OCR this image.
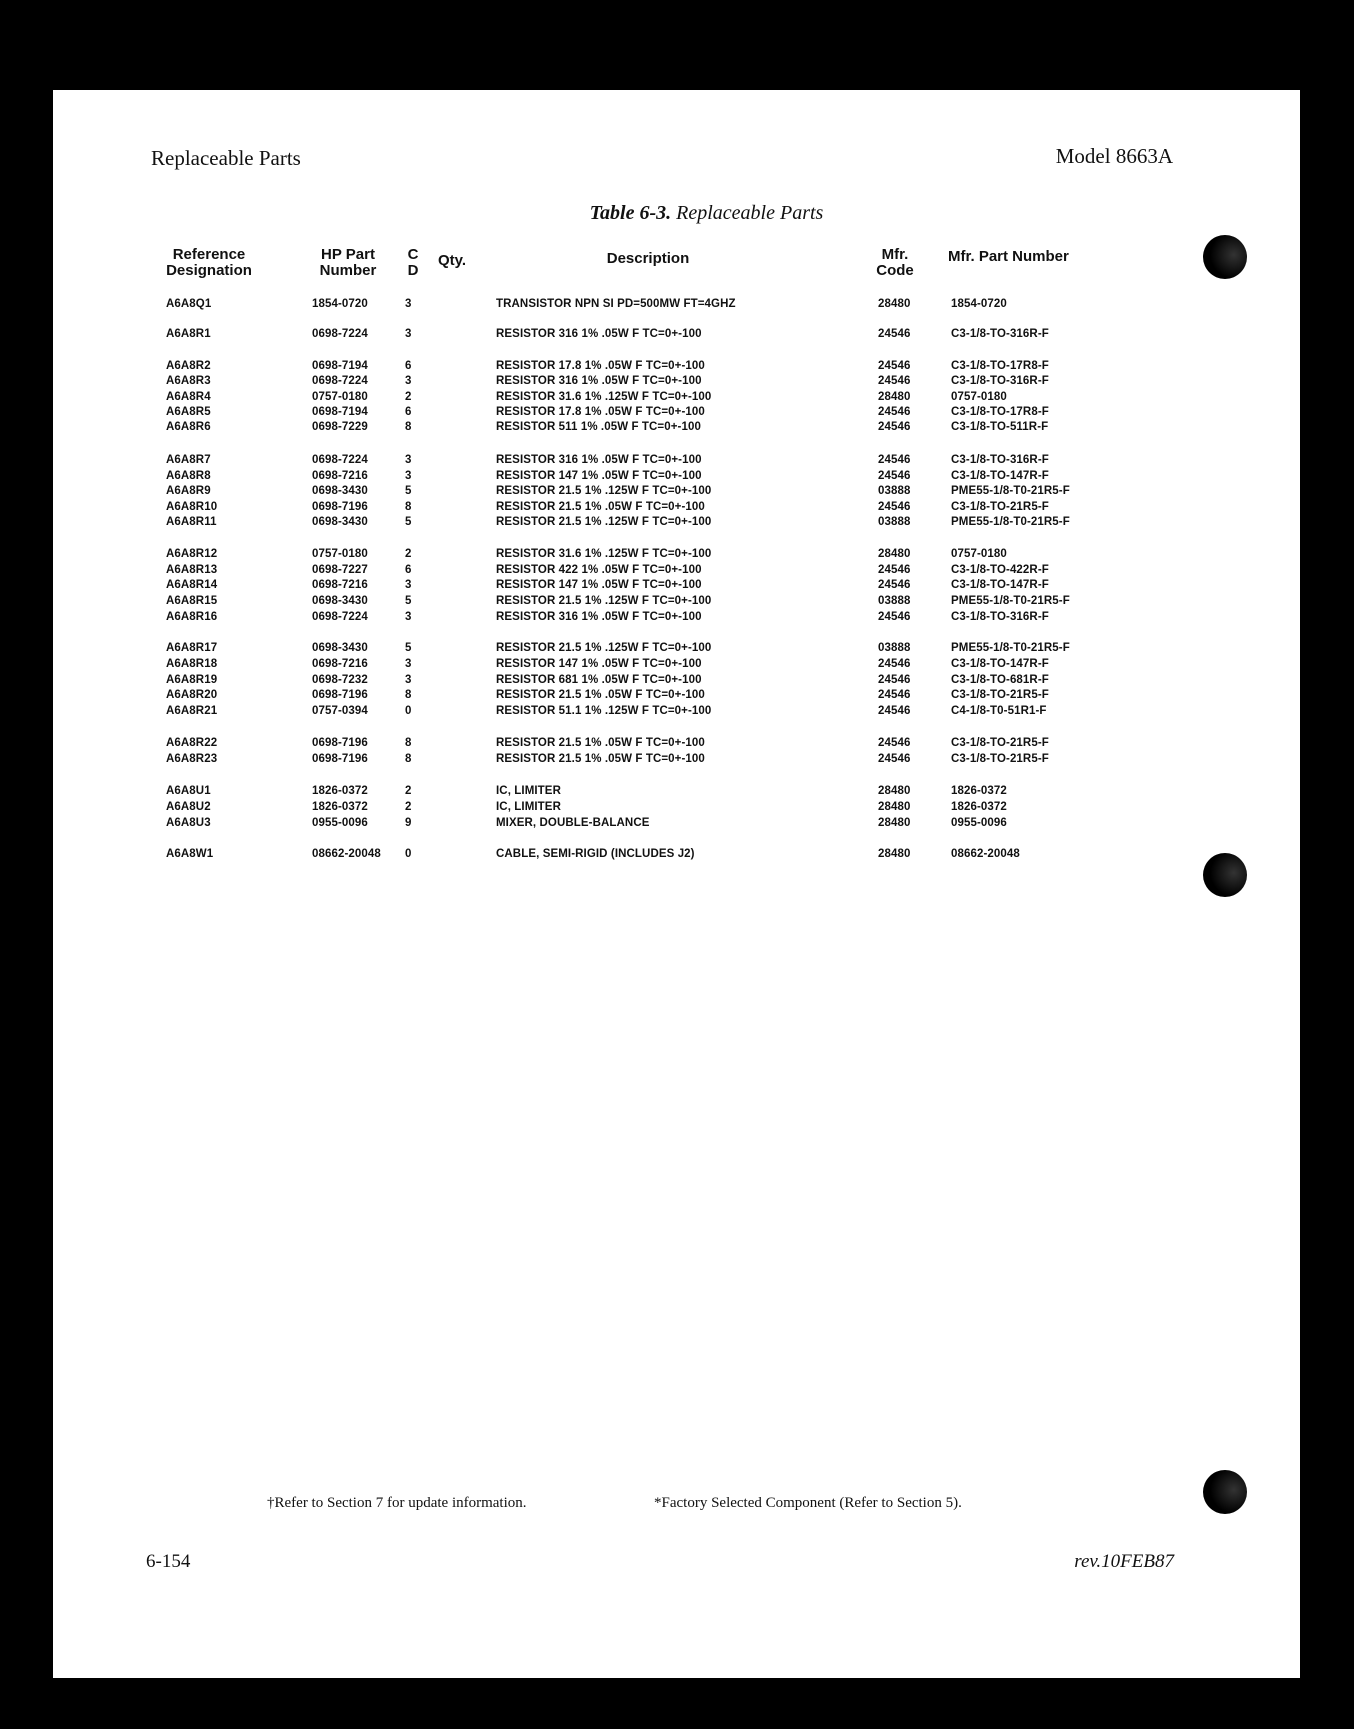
Replaceable Parts	Model 8663A
Table 6-3. Replaceable Parts
Reference
Designation
HP Part
Number
C
D
Qty.	Description	Mfr.
Code
Mfr. Part Number
A6A8Q1	1854-0720	3	TRANSISTOR NPN SI PD=500MW FT=4GHZ	28480	1854-0720
A6A8R1	0698-7224	3	RESISTOR 316 1% .05W F TC=0+-100	24546	C3-1/8-TO-316R-F
A6A8R2	0698-7194	6	RESISTOR 17.8 1% .05W F TC=0+-100	24546	C3-1/8-TO-17R8-F
A6A8R3	0698-7224	3	RESISTOR 316 1% .05W F TC=0+-100	24546	C3-1/8-TO-316R-F
A6A8R4	0757-0180	2	RESISTOR 31.6 1% .125W F TC=0+-100	28480	0757-0180
A6A8R5	0698-7194	6	RESISTOR 17.8 1% .05W F TC=0+-100	24546	C3-1/8-TO-17R8-F
A6A8R6	0698-7229	8	RESISTOR 511 1% .05W F TC=0+-100	24546	C3-1/8-TO-511R-F
A6A8R7	0698-7224	3	RESISTOR 316 1% .05W F TC=0+-100	24546	C3-1/8-TO-316R-F
A6A8R8	0698-7216	3	RESISTOR 147 1% .05W F TC=0+-100	24546	C3-1/8-TO-147R-F
A6A8R9	0698-3430	5	RESISTOR 21.5 1% .125W F TC=0+-100	03888	PME55-1/8-T0-21R5-F
A6A8R10	0698-7196	8	RESISTOR 21.5 1% .05W F TC=0+-100	24546	C3-1/8-TO-21R5-F
A6A8R11	0698-3430	5	RESISTOR 21.5 1% .125W F TC=0+-100	03888	PME55-1/8-T0-21R5-F
A6A8R12	0757-0180	2	RESISTOR 31.6 1% .125W F TC=0+-100	28480	0757-0180
A6A8R13	0698-7227	6	RESISTOR 422 1% .05W F TC=0+-100	24546	C3-1/8-TO-422R-F
A6A8R14	0698-7216	3	RESISTOR 147 1% .05W F TC=0+-100	24546	C3-1/8-TO-147R-F
A6A8R15	0698-3430	5	RESISTOR 21.5 1% .125W F TC=0+-100	03888	PME55-1/8-T0-21R5-F
A6A8R16	0698-7224	3	RESISTOR 316 1% .05W F TC=0+-100	24546	C3-1/8-TO-316R-F
A6A8R17	0698-3430	5	RESISTOR 21.5 1% .125W F TC=0+-100	03888	PME55-1/8-T0-21R5-F
A6A8R18	0698-7216	3	RESISTOR 147 1% .05W F TC=0+-100	24546	C3-1/8-TO-147R-F
A6A8R19	0698-7232	3	RESISTOR 681 1% .05W F TC=0+-100	24546	C3-1/8-TO-681R-F
A6A8R20	0698-7196	8	RESISTOR 21.5 1% .05W F TC=0+-100	24546	C3-1/8-TO-21R5-F
A6A8R21	0757-0394	0	RESISTOR 51.1 1% .125W F TC=0+-100	24546	C4-1/8-T0-51R1-F
A6A8R22	0698-7196	8	RESISTOR 21.5 1% .05W F TC=0+-100	24546	C3-1/8-TO-21R5-F
A6A8R23	0698-7196	8	RESISTOR 21.5 1% .05W F TC=0+-100	24546	C3-1/8-TO-21R5-F
A6A8U1	1826-0372	2	IC, LIMITER	28480	1826-0372
A6A8U2	1826-0372	2	IC, LIMITER	28480	1826-0372
A6A8U3	0955-0096	9	MIXER, DOUBLE-BALANCE	28480	0955-0096
A6A8W1	08662-20048 0	CABLE, SEMI-RIGID (INCLUDES J2)	28480	08662-20048
†Refer to Section 7 for update information.	*Factory Selected Component (Refer to Section 5).
6-154	rev.10FEB87
